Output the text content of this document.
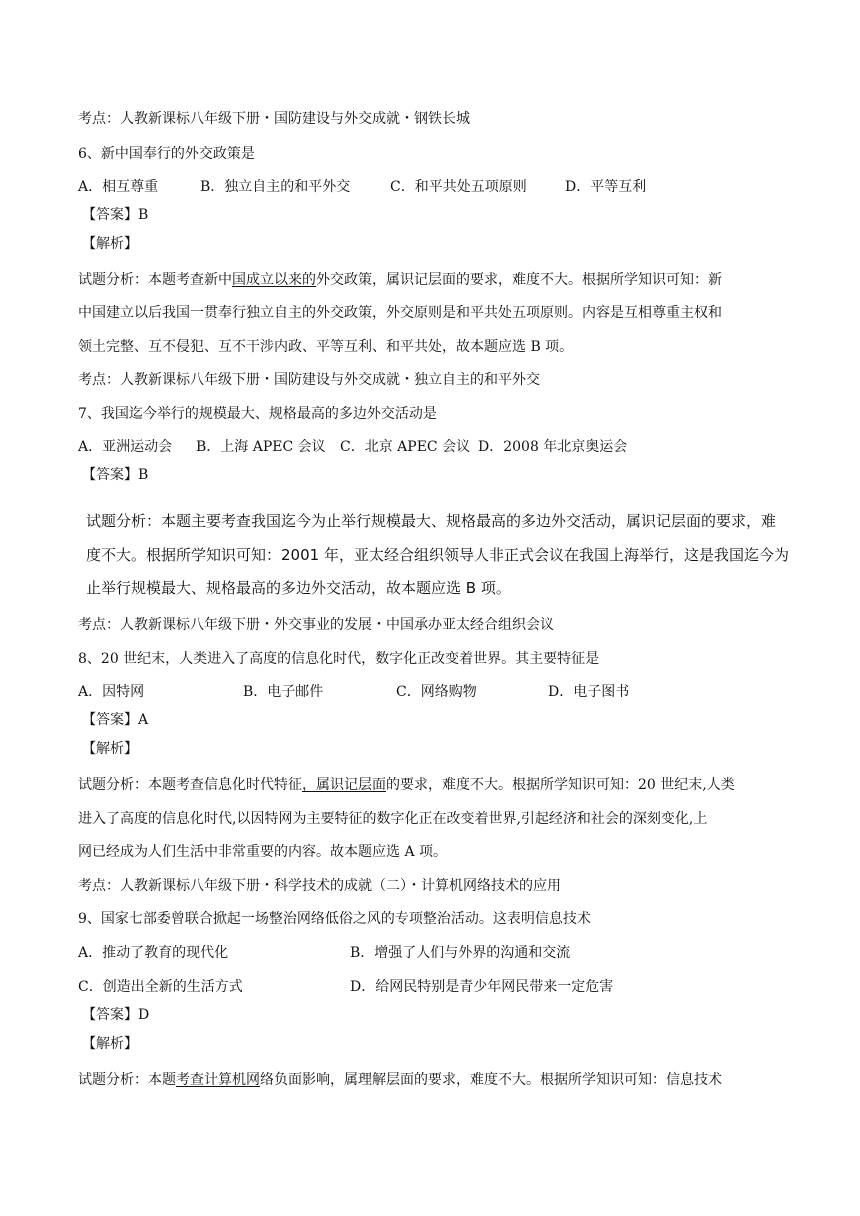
考点：人教新课标八年级下册・国防建设与外交成就・钢铁长城
6、新中国奉行的外交政策是
A．相互尊重	B．独立自主的和平外交	C．和平共处五项原则	D．平等互利
【答案】B
【解析】
试题分析：本题考查新中国成立以来的外交政策，属识记层面的要求，难度不大。根据所学知识可知：新
中国建立以后我国一贯奉行独立自主的外交政策，外交原则是和平共处五项原则。内容是互相尊重主权和
领土完整、互不侵犯、互不干涉内政、平等互利、和平共处，故本题应选 B 项。
考点：人教新课标八年级下册・国防建设与外交成就・独立自主的和平外交
7、我国迄今举行的规模最大、规格最高的多边外交活动是
A．亚洲运动会 B．上海 APEC 会议 C．北京 APEC 会议 D．2008 年北京奥运会
【答案】B
试题分析：本题主要考查我国迄今为止举行规模最大、规格最高的多边外交活动，属识记层面的要求，难
度不大。根据所学知识可知：2001 年，亚太经合组织领导人非正式会议在我国上海举行，这是我国迄今为
止举行规模最大、规格最高的多边外交活动，故本题应选 B 项。
考点：人教新课标八年级下册・外交事业的发展・中国承办亚太经合组织会议
8、20 世纪末，人类进入了高度的信息化时代，数字化正改变着世界。其主要特征是
A．因特网	B．电子邮件	C．网络购物	D．电子图书
【答案】A
【解析】
试题分析：本题考查信息化时代特征，属识记层面的要求，难度不大。根据所学知识可知：20 世纪末,人类
进入了高度的信息化时代,以因特网为主要特征的数字化正在改变着世界,引起经济和社会的深刻变化,上
网已经成为人们生活中非常重要的内容。故本题应选 A 项。
考点：人教新课标八年级下册・科学技术的成就（二）・计算机网络技术的应用
9、国家七部委曾联合掀起一场整治网络低俗之风的专项整治活动。这表明信息技术
A．推动了教育的现代化	B．增强了人们与外界的沟通和交流
C．创造出全新的生活方式	D．给网民特别是青少年网民带来一定危害
【答案】D
【解析】
试题分析：本题考查计算机网络负面影响，属理解层面的要求，难度不大。根据所学知识可知：信息技术
